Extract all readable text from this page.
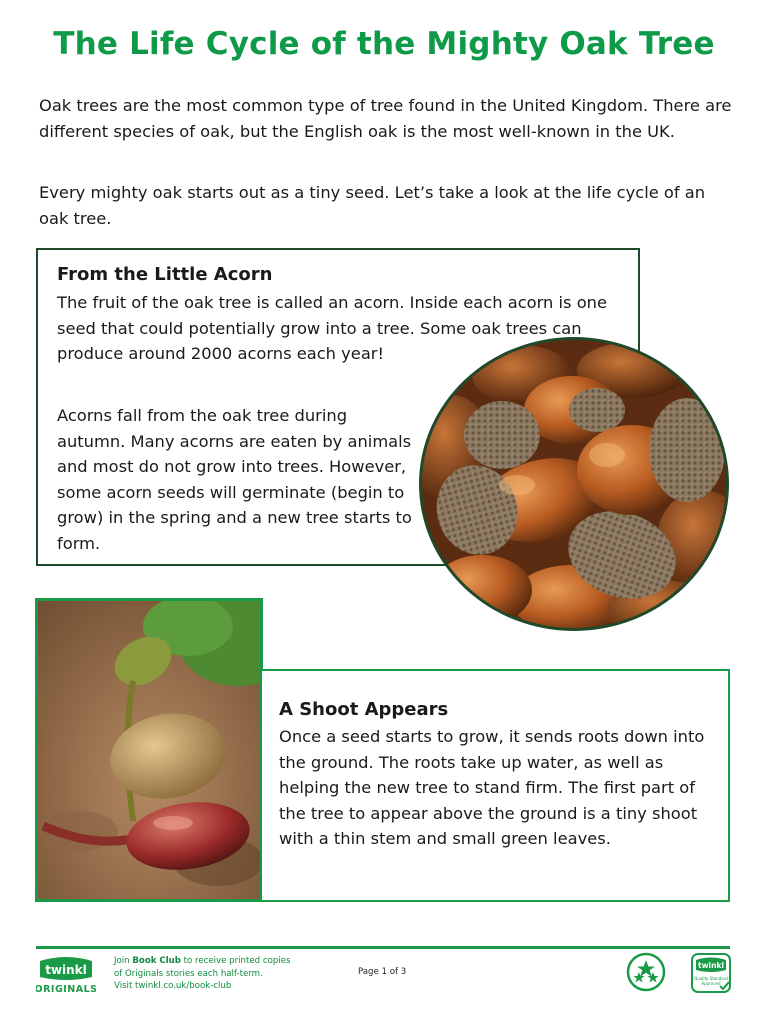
The Life Cycle of the Mighty Oak Tree

Oak trees are the most common type of tree found in the United Kingdom. There are different species of oak, but the English oak is the most well-known in the UK.

Every mighty oak starts out as a tiny seed. Let’s take a look at the life cycle of an oak tree.

From the Little Acorn

The fruit of the oak tree is called an acorn. Inside each acorn is one seed that could potentially grow into a tree. Some oak trees can produce around 2000 acorns each year!

Acorns fall from the oak tree during autumn. Many acorns are eaten by animals and most do not grow into trees. However, some acorn seeds will germinate (begin to grow) in the spring and a new tree starts to form.

A Shoot Appears

Once a seed starts to grow, it sends roots down into the ground. The roots take up water, as well as helping the new tree to stand firm. The first part of the tree to appear above the ground is a tiny shoot with a thin stem and small green leaves.

twinkl
ORIGINALS
Join Book Club to receive printed copies
of Originals stories each half-term.
Visit twinkl.co.uk/book-club
Page 1 of 3
twinkl
Quality Standard
Approved
